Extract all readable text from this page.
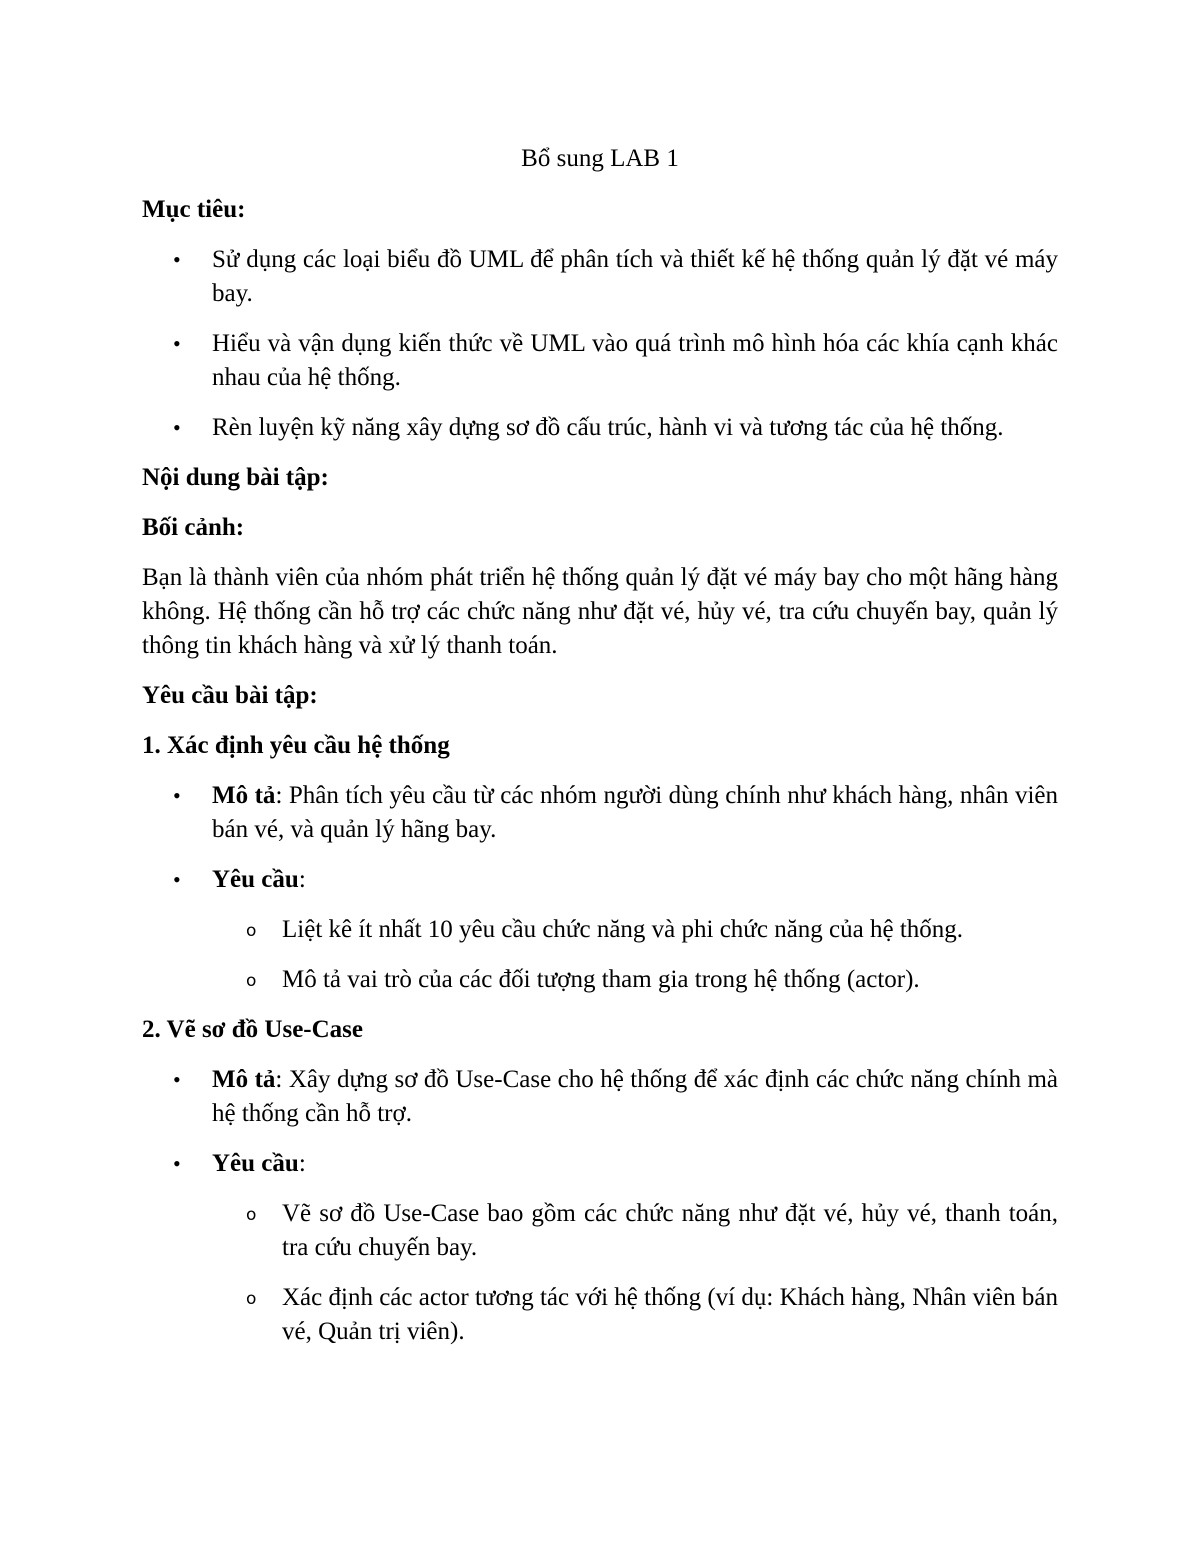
Bổ sung LAB 1
Mục tiêu:
• Sử dụng các loại biểu đồ UML để phân tích và thiết kế hệ thống quản lý đặt vé máy bay.
• Hiểu và vận dụng kiến thức về UML vào quá trình mô hình hóa các khía cạnh khác nhau của hệ thống.
• Rèn luyện kỹ năng xây dựng sơ đồ cấu trúc, hành vi và tương tác của hệ thống.
Nội dung bài tập:
Bối cảnh:
Bạn là thành viên của nhóm phát triển hệ thống quản lý đặt vé máy bay cho một hãng hàng không. Hệ thống cần hỗ trợ các chức năng như đặt vé, hủy vé, tra cứu chuyến bay, quản lý thông tin khách hàng và xử lý thanh toán.
Yêu cầu bài tập:
1. Xác định yêu cầu hệ thống
• Mô tả: Phân tích yêu cầu từ các nhóm người dùng chính như khách hàng, nhân viên bán vé, và quản lý hãng bay.
• Yêu cầu:
o Liệt kê ít nhất 10 yêu cầu chức năng và phi chức năng của hệ thống.
o Mô tả vai trò của các đối tượng tham gia trong hệ thống (actor).
2. Vẽ sơ đồ Use-Case
• Mô tả: Xây dựng sơ đồ Use-Case cho hệ thống để xác định các chức năng chính mà hệ thống cần hỗ trợ.
• Yêu cầu:
o Vẽ sơ đồ Use-Case bao gồm các chức năng như đặt vé, hủy vé, thanh toán, tra cứu chuyến bay.
o Xác định các actor tương tác với hệ thống (ví dụ: Khách hàng, Nhân viên bán vé, Quản trị viên).
